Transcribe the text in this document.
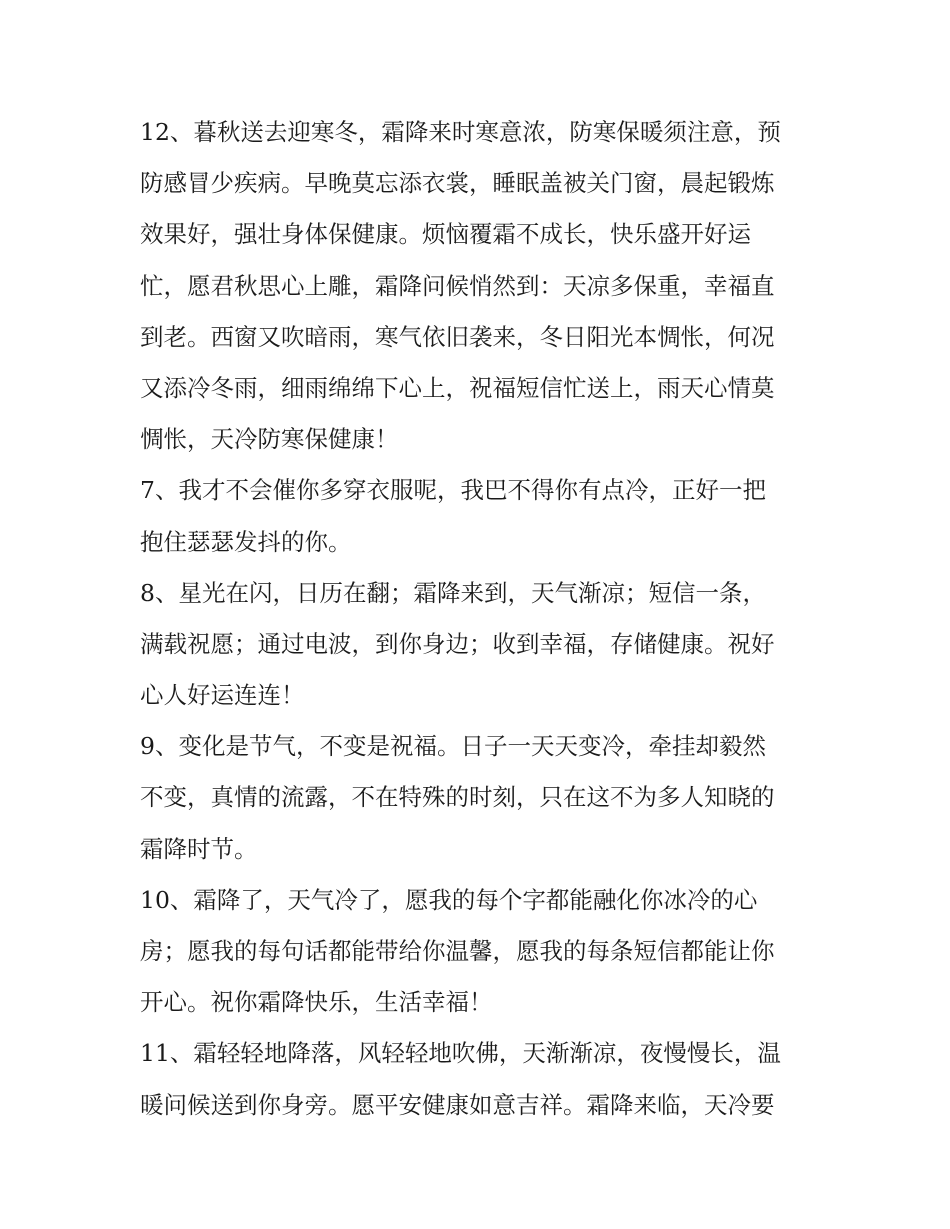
12、暮秋送去迎寒冬，霜降来时寒意浓，防寒保暖须注意，预
防感冒少疾病。早晚莫忘添衣裳，睡眠盖被关门窗，晨起锻炼
效果好，强壮身体保健康。烦恼覆霜不成长，快乐盛开好运
忙，愿君秋思心上雕，霜降问候悄然到：天凉多保重，幸福直
到老。西窗又吹暗雨，寒气依旧袭来，冬日阳光本惆怅，何况
又添冷冬雨，细雨绵绵下心上，祝福短信忙送上，雨天心情莫
惆怅，天冷防寒保健康！
7、我才不会催你多穿衣服呢，我巴不得你有点冷，正好一把
抱住瑟瑟发抖的你。
8、星光在闪，日历在翻；霜降来到，天气渐凉；短信一条，
满载祝愿；通过电波，到你身边；收到幸福，存储健康。祝好
心人好运连连！
9、变化是节气，不变是祝福。日子一天天变冷，牵挂却毅然
不变，真情的流露，不在特殊的时刻，只在这不为多人知晓的
霜降时节。
10、霜降了，天气冷了，愿我的每个字都能融化你冰冷的心
房；愿我的每句话都能带给你温馨，愿我的每条短信都能让你
开心。祝你霜降快乐，生活幸福！
11、霜轻轻地降落，风轻轻地吹佛，天渐渐凉，夜慢慢长，温
暖问候送到你身旁。愿平安健康如意吉祥。霜降来临，天冷要
